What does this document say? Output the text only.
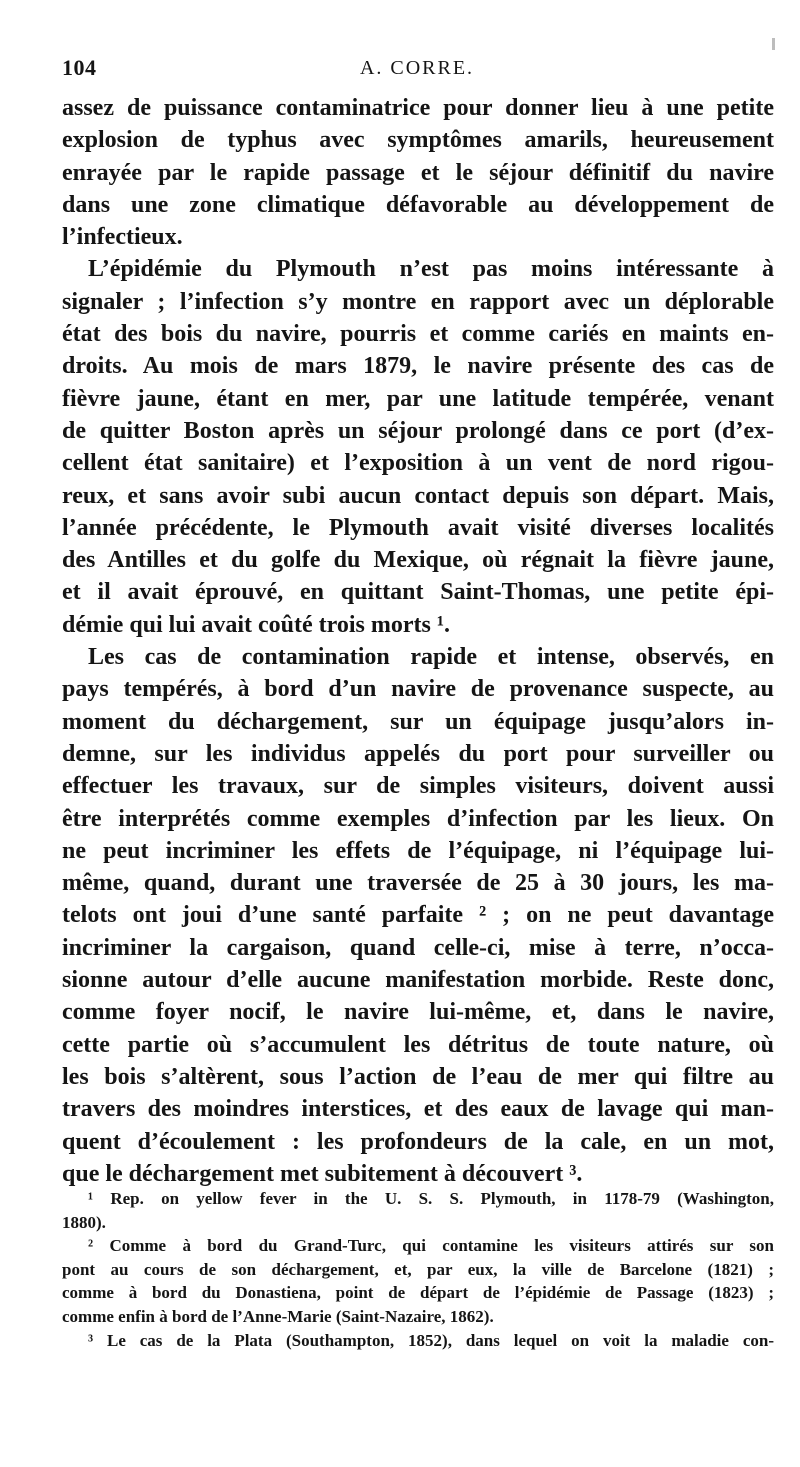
104	A. CORRE.
assez de puissance contaminatrice pour donner lieu à une petite
explosion de typhus avec symptômes amarils, heureusement
enrayée par le rapide passage et le séjour définitif du navire
dans une zone climatique défavorable au développement de
l’infectieux.
L’épidémie du Plymouth n’est pas moins intéressante à
signaler ; l’infection s’y montre en rapport avec un déplorable
état des bois du navire, pourris et comme cariés en maints en-
droits. Au mois de mars 1879, le navire présente des cas de
fièvre jaune, étant en mer, par une latitude tempérée, venant
de quitter Boston après un séjour prolongé dans ce port (d’ex-
cellent état sanitaire) et l’exposition à un vent de nord rigou-
reux, et sans avoir subi aucun contact depuis son départ. Mais,
l’année précédente, le Plymouth avait visité diverses localités
des Antilles et du golfe du Mexique, où régnait la fièvre jaune,
et il avait éprouvé, en quittant Saint-Thomas, une petite épi-
démie qui lui avait coûté trois morts ¹.
Les cas de contamination rapide et intense, observés, en
pays tempérés, à bord d’un navire de provenance suspecte, au
moment du déchargement, sur un équipage jusqu’alors in-
demne, sur les individus appelés du port pour surveiller ou
effectuer les travaux, sur de simples visiteurs, doivent aussi
être interprétés comme exemples d’infection par les lieux. On
ne peut incriminer les effets de l’équipage, ni l’équipage lui-
même, quand, durant une traversée de 25 à 30 jours, les ma-
telots ont joui d’une santé parfaite ² ; on ne peut davantage
incriminer la cargaison, quand celle-ci, mise à terre, n’occa-
sionne autour d’elle aucune manifestation morbide. Reste donc,
comme foyer nocif, le navire lui-même, et, dans le navire,
cette partie où s’accumulent les détritus de toute nature, où
les bois s’altèrent, sous l’action de l’eau de mer qui filtre au
travers des moindres interstices, et des eaux de lavage qui man-
quent d’écoulement : les profondeurs de la cale, en un mot,
que le déchargement met subitement à découvert ³.
¹ Rep. on yellow fever in the U. S. S. Plymouth, in 1178-79 (Washington,
1880).
² Comme à bord du Grand-Turc, qui contamine les visiteurs attirés sur son
pont au cours de son déchargement, et, par eux, la ville de Barcelone (1821) ;
comme à bord du Donastiena, point de départ de l’épidémie de Passage (1823) ;
comme enfin à bord de l’Anne-Marie (Saint-Nazaire, 1862).
³ Le cas de la Plata (Southampton, 1852), dans lequel on voit la maladie con-
